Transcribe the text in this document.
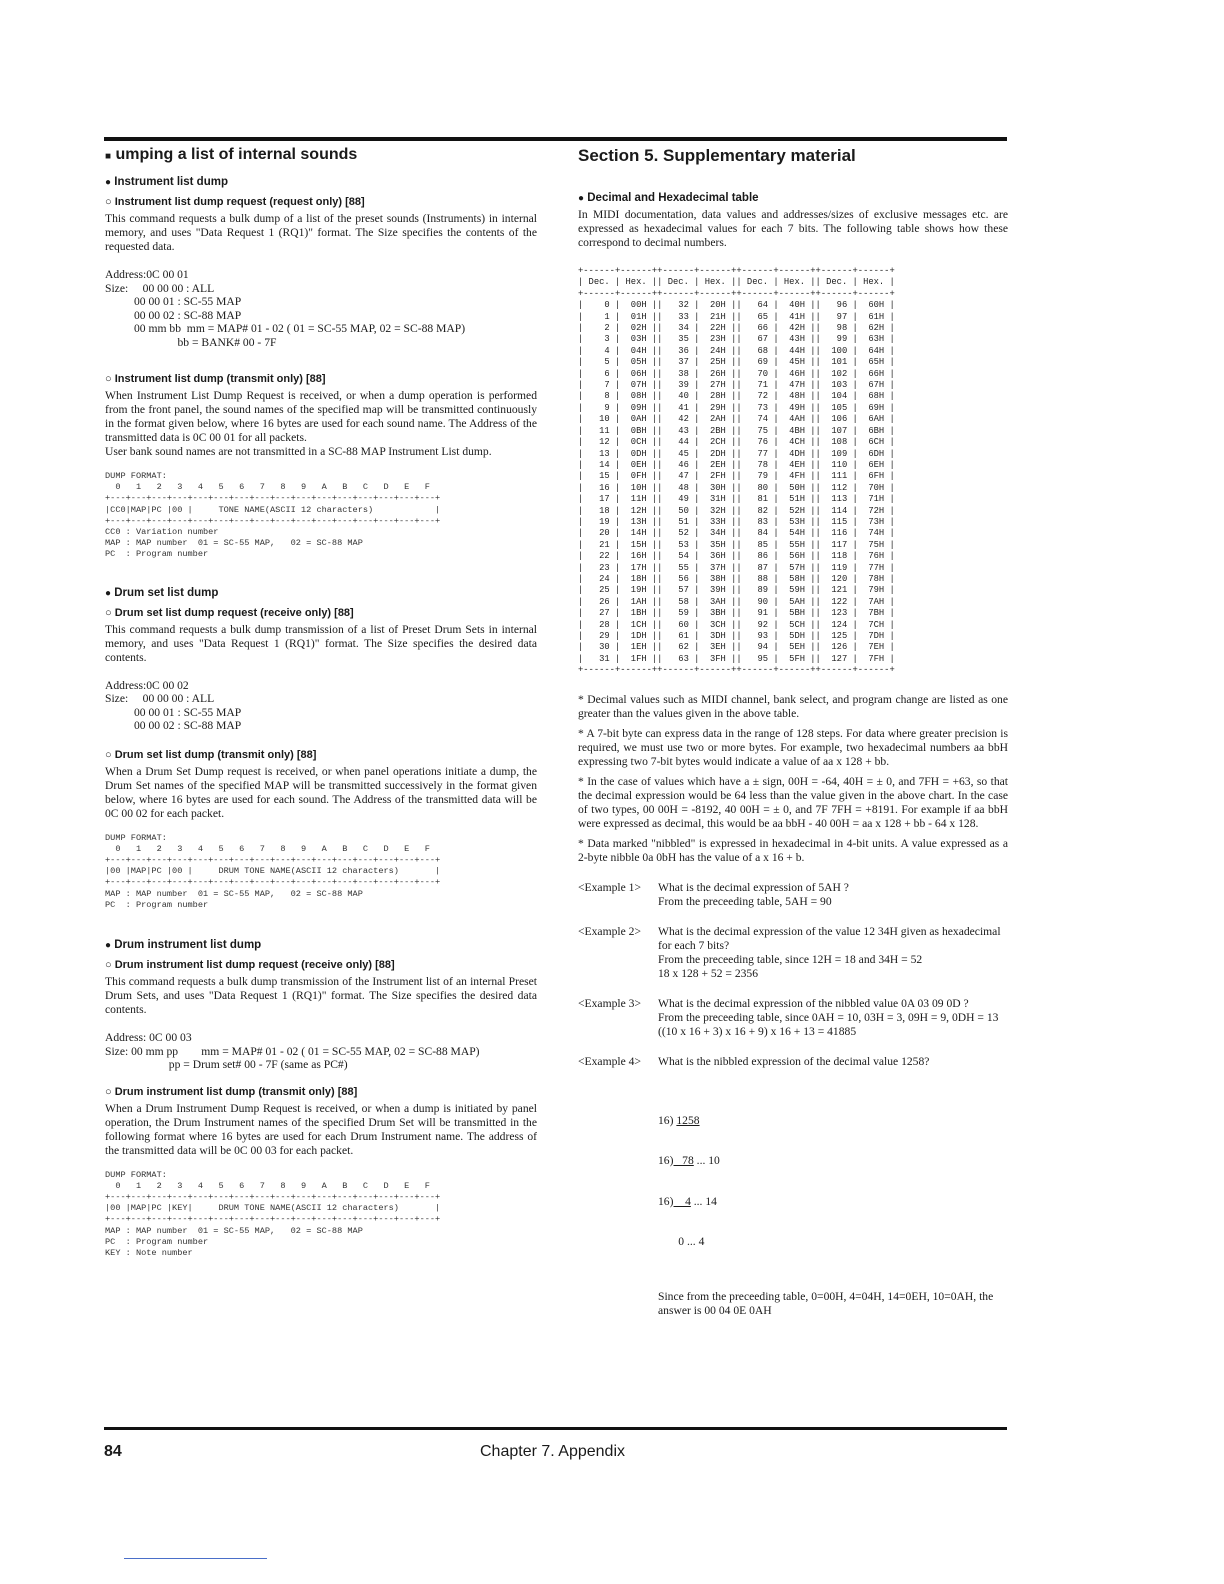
■ umping a list of internal sounds
● Instrument list dump
○ Instrument list dump request (request only) [88]

This command requests a bulk dump of a list of the preset sounds (Instruments) in internal memory, and uses "Data Request 1 (RQ1)" format. The Size specifies the contents of the requested data.

Address:0C 00 01
Size:     00 00 00 : ALL
00 00 01 : SC-55 MAP
00 00 02 : SC-88 MAP
00 mm bb  mm = MAP# 01 - 02 ( 01 = SC-55 MAP, 02 = SC-88 MAP)
bb = BANK# 00 - 7F
○ Instrument list dump (transmit only) [88]

When Instrument List Dump Request is received, or when a dump operation is performed from the front panel, the sound names of the specified map will be transmitted continuously in the format given below, where 16 bytes are used for each sound name. The Address of the transmitted data is 0C 00 01 for all packets.

User bank sound names are not transmitted in a SC-88 MAP Instrument List dump.

DUMP FORMAT:
0   1   2   3   4   5   6   7   8   9   A   B   C   D   E   F
+---+---+---+---+---+---+---+---+---+---+---+---+---+---+---+---+
|CC0|MAP|PC |00 |     TONE NAME(ASCII 12 characters)            |
+---+---+---+---+---+---+---+---+---+---+---+---+---+---+---+---+
CC0 : Variation number
MAP : MAP number  01 = SC-55 MAP,   02 = SC-88 MAP
PC  : Program number
● Drum set list dump
○ Drum set list dump request (receive only) [88]

This command requests a bulk dump transmission of a list of Preset Drum Sets in internal memory, and uses "Data Request 1 (RQ1)" format. The Size specifies the desired data contents.

Address:0C 00 02
Size:     00 00 00 : ALL
00 00 01 : SC-55 MAP
00 00 02 : SC-88 MAP
○ Drum set list dump (transmit only) [88]

When a Drum Set Dump request is received, or when panel operations initiate a dump, the Drum Set names of the specified MAP will be transmitted successively in the format given below, where 16 bytes are used for each sound. The Address of the transmitted data will be 0C 00 02 for each packet.

DUMP FORMAT:
0   1   2   3   4   5   6   7   8   9   A   B   C   D   E   F
+---+---+---+---+---+---+---+---+---+---+---+---+---+---+---+---+
|00 |MAP|PC |00 |     DRUM TONE NAME(ASCII 12 characters)       |
+---+---+---+---+---+---+---+---+---+---+---+---+---+---+---+---+
MAP : MAP number  01 = SC-55 MAP,   02 = SC-88 MAP
PC  : Program number
● Drum instrument list dump
○ Drum instrument list dump request (receive only) [88]

This command requests a bulk dump transmission of the Instrument list of an internal Preset Drum Sets, and uses "Data Request 1 (RQ1)" format. The Size specifies the desired data contents.

Address: 0C 00 03
Size: 00 mm pp        mm = MAP# 01 - 02 ( 01 = SC-55 MAP, 02 = SC-88 MAP)
pp = Drum set# 00 - 7F (same as PC#)
○ Drum instrument list dump (transmit only) [88]

When a Drum Instrument Dump Request is received, or when a dump is initiated by panel operation, the Drum Instrument names of the specified Drum Set will be transmitted in the following format where 16 bytes are used for each Drum Instrument name. The address of the transmitted data will be 0C 00 03 for each packet.

DUMP FORMAT:
0   1   2   3   4   5   6   7   8   9   A   B   C   D   E   F
+---+---+---+---+---+---+---+---+---+---+---+---+---+---+---+---+
|00 |MAP|PC |KEY|     DRUM TONE NAME(ASCII 12 characters)       |
+---+---+---+---+---+---+---+---+---+---+---+---+---+---+---+---+
MAP : MAP number  01 = SC-55 MAP,   02 = SC-88 MAP
PC  : Program number
KEY : Note number
Section 5. Supplementary material
● Decimal and Hexadecimal table

In MIDI documentation, data values and addresses/sizes of exclusive messages etc. are expressed as hexadecimal values for each 7 bits. The following table shows how these correspond to decimal numbers.

+------+------++------+------++------+------++------+------+
| Dec. | Hex. || Dec. | Hex. || Dec. | Hex. || Dec. | Hex. |
+------+------++------+------++------+------++------+------+
|    0 |  00H ||   32 |  20H ||   64 |  40H ||   96 |  60H |
|    1 |  01H ||   33 |  21H ||   65 |  41H ||   97 |  61H |
|    2 |  02H ||   34 |  22H ||   66 |  42H ||   98 |  62H |
|    3 |  03H ||   35 |  23H ||   67 |  43H ||   99 |  63H |
|    4 |  04H ||   36 |  24H ||   68 |  44H ||  100 |  64H |
|    5 |  05H ||   37 |  25H ||   69 |  45H ||  101 |  65H |
|    6 |  06H ||   38 |  26H ||   70 |  46H ||  102 |  66H |
|    7 |  07H ||   39 |  27H ||   71 |  47H ||  103 |  67H |
|    8 |  08H ||   40 |  28H ||   72 |  48H ||  104 |  68H |
|    9 |  09H ||   41 |  29H ||   73 |  49H ||  105 |  69H |
|   10 |  0AH ||   42 |  2AH ||   74 |  4AH ||  106 |  6AH |
|   11 |  0BH ||   43 |  2BH ||   75 |  4BH ||  107 |  6BH |
|   12 |  0CH ||   44 |  2CH ||   76 |  4CH ||  108 |  6CH |
|   13 |  0DH ||   45 |  2DH ||   77 |  4DH ||  109 |  6DH |
|   14 |  0EH ||   46 |  2EH ||   78 |  4EH ||  110 |  6EH |
|   15 |  0FH ||   47 |  2FH ||   79 |  4FH ||  111 |  6FH |
|   16 |  10H ||   48 |  30H ||   80 |  50H ||  112 |  70H |
|   17 |  11H ||   49 |  31H ||   81 |  51H ||  113 |  71H |
|   18 |  12H ||   50 |  32H ||   82 |  52H ||  114 |  72H |
|   19 |  13H ||   51 |  33H ||   83 |  53H ||  115 |  73H |
|   20 |  14H ||   52 |  34H ||   84 |  54H ||  116 |  74H |
|   21 |  15H ||   53 |  35H ||   85 |  55H ||  117 |  75H |
|   22 |  16H ||   54 |  36H ||   86 |  56H ||  118 |  76H |
|   23 |  17H ||   55 |  37H ||   87 |  57H ||  119 |  77H |
|   24 |  18H ||   56 |  38H ||   88 |  58H ||  120 |  78H |
|   25 |  19H ||   57 |  39H ||   89 |  59H ||  121 |  79H |
|   26 |  1AH ||   58 |  3AH ||   90 |  5AH ||  122 |  7AH |
|   27 |  1BH ||   59 |  3BH ||   91 |  5BH ||  123 |  7BH |
|   28 |  1CH ||   60 |  3CH ||   92 |  5CH ||  124 |  7CH |
|   29 |  1DH ||   61 |  3DH ||   93 |  5DH ||  125 |  7DH |
|   30 |  1EH ||   62 |  3EH ||   94 |  5EH ||  126 |  7EH |
|   31 |  1FH ||   63 |  3FH ||   95 |  5FH ||  127 |  7FH |
+------+------++------+------++------+------++------+------+
* Decimal values such as MIDI channel, bank select, and program change are listed as one greater than the values given in the above table.
* A 7-bit byte can express data in the range of 128 steps. For data where greater precision is required, we must use two or more bytes. For example, two hexadecimal numbers aa bbH expressing two 7-bit bytes would indicate a value of aa x 128 + bb.
* In the case of values which have a ± sign, 00H = -64, 40H = ± 0, and 7FH = +63, so that the decimal expression would be 64 less than the value given in the above chart. In the case of two types, 00 00H = -8192, 40 00H = ± 0, and 7F 7FH = +8191. For example if aa bbH were expressed as decimal, this would be aa bbH - 40 00H = aa x 128 + bb - 64 x 128.
* Data marked "nibbled" is expressed in hexadecimal in 4-bit units. A value expressed as a 2-byte nibble 0a 0bH has the value of a x 16 + b.
<Example 1>	What is the decimal expression of 5AH ?
From the preceeding table, 5AH = 90
<Example 2>	What is the decimal expression of the value 12 34H given as hexadecimal for each 7 bits?
From the preceeding table, since 12H = 18 and 34H = 52
18 x 128 + 52 = 2356
<Example 3>	What is the decimal expression of the nibbled value 0A 03 09 0D ?
From the preceeding table, since 0AH = 10, 03H = 3, 09H = 9, 0DH = 13
((10 x 16 + 3) x 16 + 9) x 16 + 13 = 41885
<Example 4>	What is the nibbled expression of the decimal value 1258?

16) 1258

16)   78 ... 10

16)    4 ... 14

0 ... 4

Since from the preceeding table, 0=00H, 4=04H, 14=0EH, 10=0AH, the answer is 00 04 0E 0AH
84	Chapter 7. Appendix
